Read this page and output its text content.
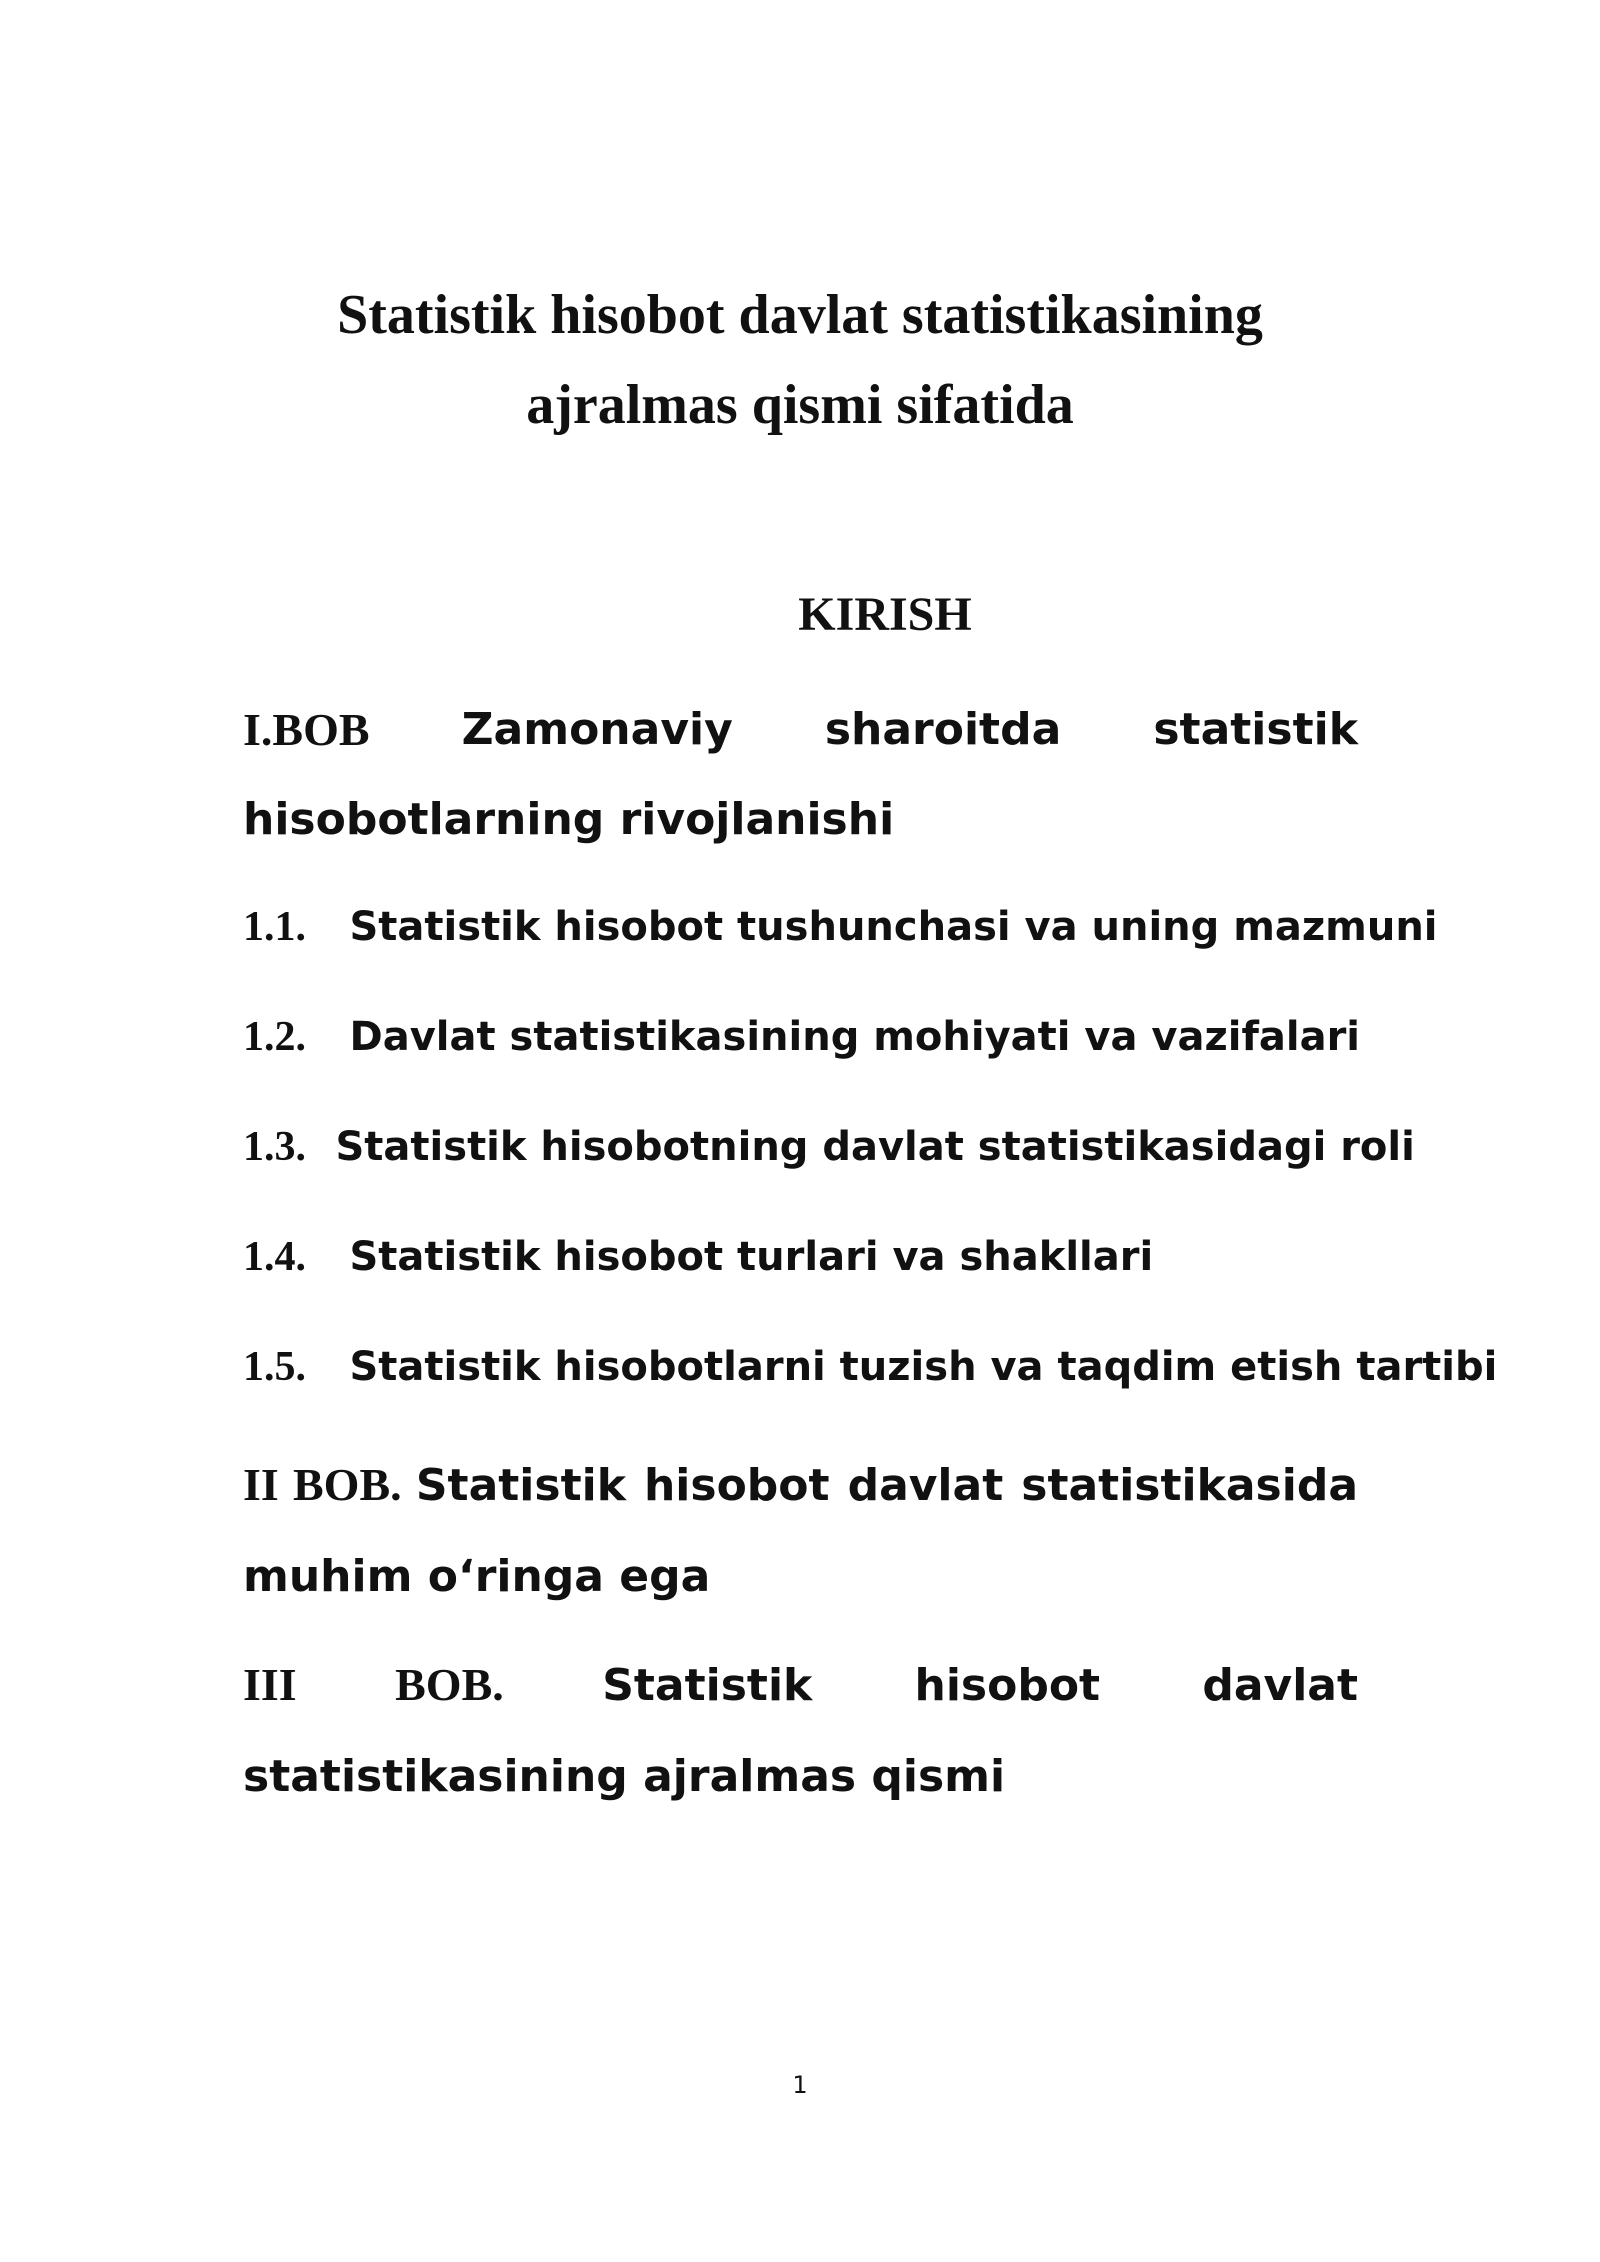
Statistik hisobot davlat statistikasining
ajralmas qismi sifatida
KIRISH
I.BOB Zamonaviy sharoitda statistik
hisobotlarning rivojlanishi
1.1. Statistik hisobot tushunchasi va uning mazmuni
1.2. Davlat statistikasining mohiyati va vazifalari
1.3. Statistik hisobotning davlat statistikasidagi roli
1.4. Statistik hisobot turlari va shakllari
1.5. Statistik hisobotlarni tuzish va taqdim etish tartibi
II BOB. Statistik hisobot davlat statistikasida muhim o‘ringa ega
III BOB. Statistik hisobot davlat statistikasining ajralmas qismi
1
